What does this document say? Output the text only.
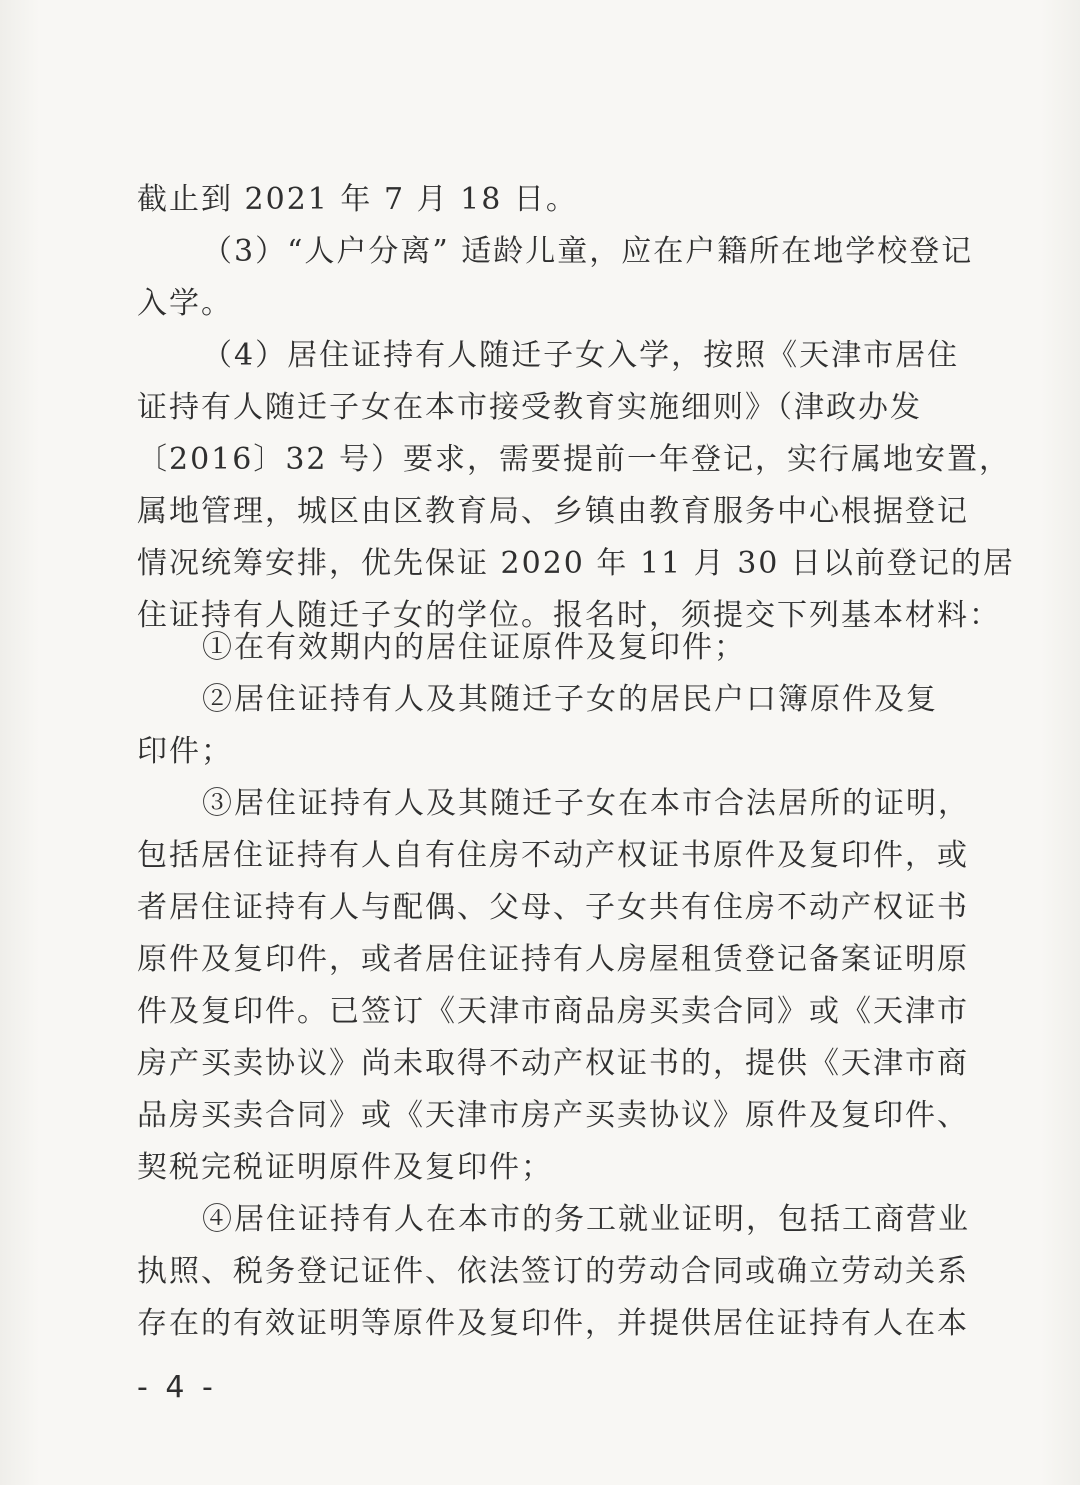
截止到 2021 年 7 月 18 日。
（3）“人户分离” 适龄儿童，应在户籍所在地学校登记
入学。
（4）居住证持有人随迁子女入学，按照《天津市居住
证持有人随迁子女在本市接受教育实施细则》（津政办发
〔2016〕32 号）要求，需要提前一年登记，实行属地安置，
属地管理，城区由区教育局、乡镇由教育服务中心根据登记
情况统筹安排，优先保证 2020 年 11 月 30 日以前登记的居
住证持有人随迁子女的学位。报名时，须提交下列基本材料：
①在有效期内的居住证原件及复印件；
②居住证持有人及其随迁子女的居民户口簿原件及复
印件；
③居住证持有人及其随迁子女在本市合法居所的证明，
包括居住证持有人自有住房不动产权证书原件及复印件，或
者居住证持有人与配偶、父母、子女共有住房不动产权证书
原件及复印件，或者居住证持有人房屋租赁登记备案证明原
件及复印件。已签订《天津市商品房买卖合同》或《天津市
房产买卖协议》尚未取得不动产权证书的，提供《天津市商
品房买卖合同》或《天津市房产买卖协议》原件及复印件、
契税完税证明原件及复印件；
④居住证持有人在本市的务工就业证明，包括工商营业
执照、税务登记证件、依法签订的劳动合同或确立劳动关系
存在的有效证明等原件及复印件，并提供居住证持有人在本
- 4 -
